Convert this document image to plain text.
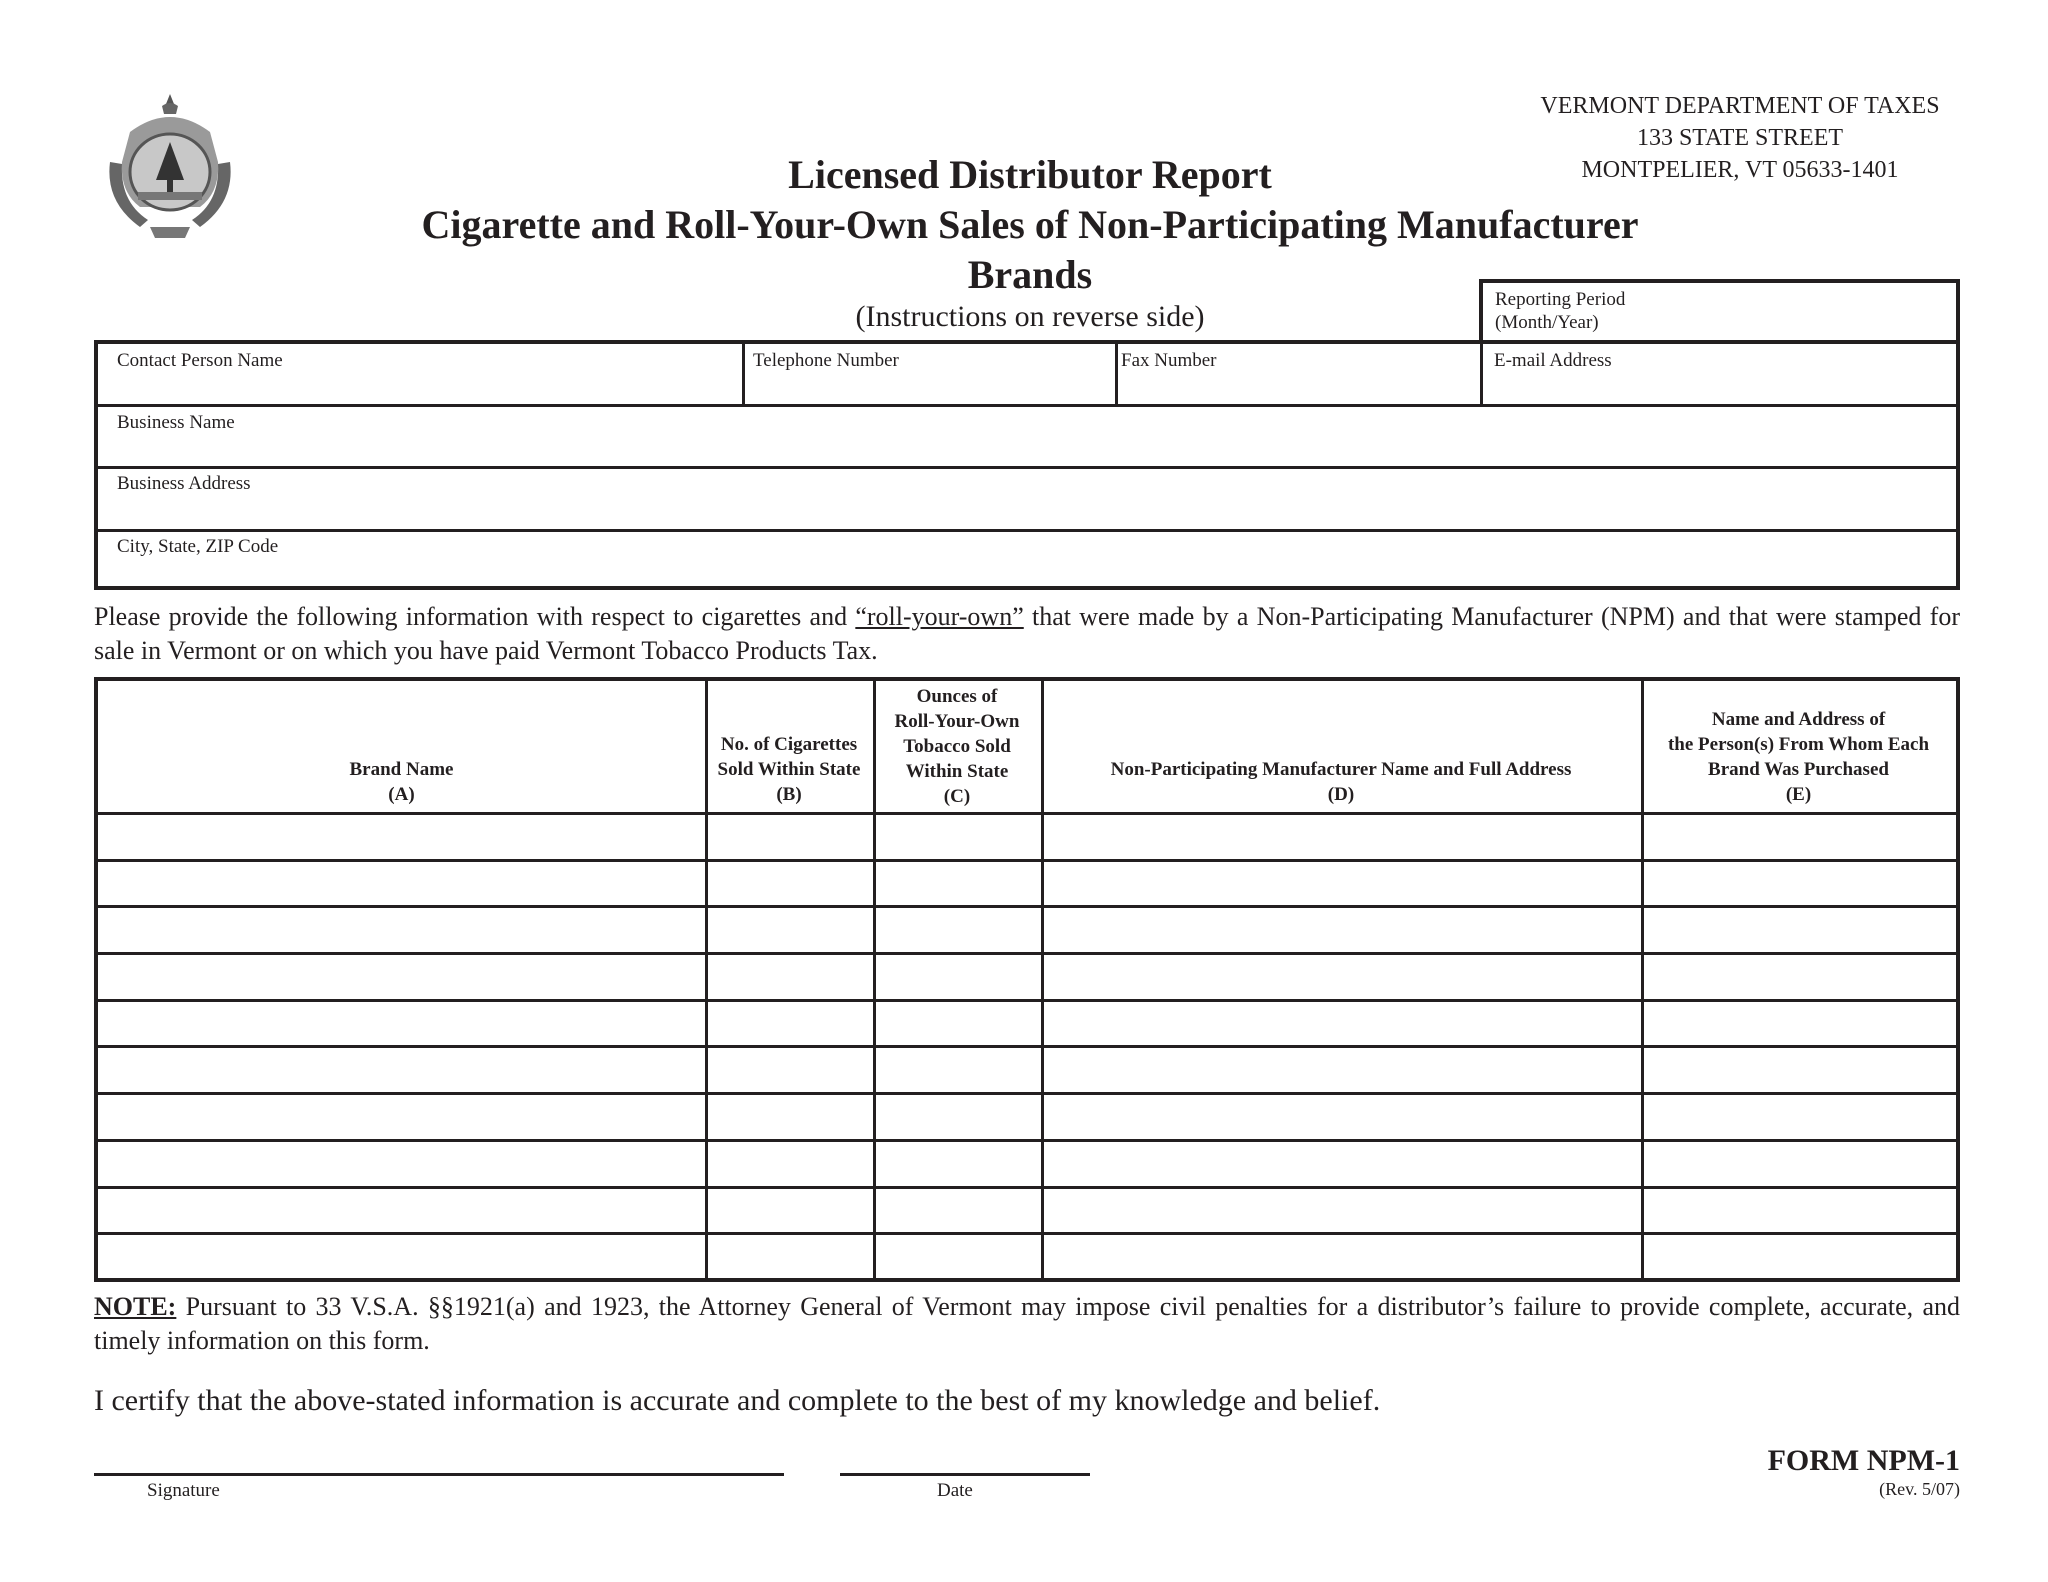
VERMONT DEPARTMENT OF TAXES
133 STATE STREET
MONTPELIER, VT 05633-1401
Licensed Distributor Report
Cigarette and Roll-Your-Own Sales of Non-Participating Manufacturer
Brands
(Instructions on reverse side)
Reporting Period
(Month/Year)
Contact Person Name	Telephone Number	Fax Number	E-mail Address
Business Name
Business Address
City, State, ZIP Code
Please provide the following information with respect to cigarettes and “roll-your-own” that were made by a Non-Participating Manufacturer (NPM) and that were stamped for sale in Vermont or on which you have paid Vermont Tobacco Products Tax.
Brand Name
(A)
No. of Cigarettes
Sold Within State
(B)
Ounces of
Roll-Your-Own
Tobacco Sold
Within State
(C)
Non-Participating Manufacturer Name and Full Address
(D)
Name and Address of
the Person(s) From Whom Each
Brand Was Purchased
(E)
NOTE: Pursuant to 33 V.S.A. §§1921(a) and 1923, the Attorney General of Vermont may impose civil penalties for a distributor’s failure to provide complete, accurate, and timely information on this form.
I certify that the above-stated information is accurate and complete to the best of my knowledge and belief.
Signature	Date
FORM NPM-1
(Rev. 5/07)
